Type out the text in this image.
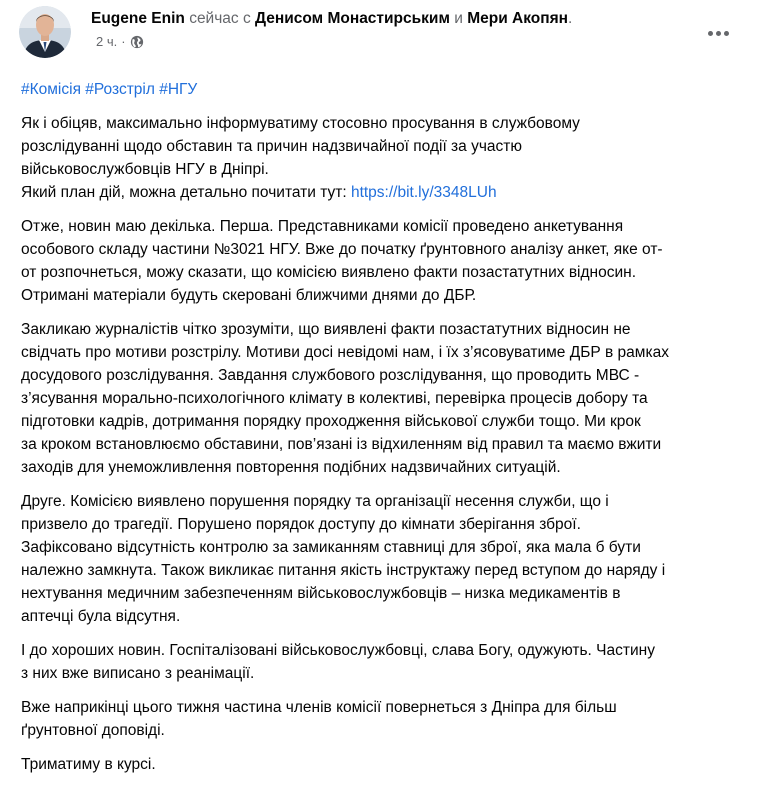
Eugene Enin сейчас с Денисом Монастирським и Мери Акопян.
2 ч. ·
#Комісія #Розстріл #НГУ
Як і обіцяв, максимально інформуватиму стосовно просування в службовому
розслідуванні щодо обставин та причин надзвичайної події за участю
військовослужбовців НГУ в Дніпрі.
Який план дій, можна детально почитати тут: https://bit.ly/3348LUh
Отже, новин маю декілька. Перша. Представниками комісії проведено анкетування
особового складу частини №3021 НГУ. Вже до початку ґрунтовного аналізу анкет, яке от-
от розпочнеться, можу сказати, що комісією виявлено факти позастатутних відносин.
Отримані матеріали будуть скеровані ближчими днями до ДБР.
Закликаю журналістів чітко зрозуміти, що виявлені факти позастатутних відносин не
свідчать про мотиви розстрілу. Мотиви досі невідомі нам, і їх з’ясовуватиме ДБР в рамках
досудового розслідування. Завдання службового розслідування, що проводить МВС -
з’ясування морально-психологічного клімату в колективі, перевірка процесів добору та
підготовки кадрів, дотримання порядку проходження військової служби тощо. Ми крок
за кроком встановлюємо обставини, пов’язані із відхиленням від правил та маємо вжити
заходів для унеможливлення повторення подібних надзвичайних ситуацій.
Друге. Комісією виявлено порушення порядку та організації несення служби, що і
призвело до трагедії. Порушено порядок доступу до кімнати зберігання зброї.
Зафіксовано відсутність контролю за замиканням ставниці для зброї, яка мала б бути
належно замкнута. Також викликає питання якість інструктажу перед вступом до наряду і
нехтування медичним забезпеченням військовослужбовців – низка медикаментів в
аптечці була відсутня.
І до хороших новин. Госпіталізовані військовослужбовці, слава Богу, одужують. Частину
з них вже виписано з реанімації.
Вже наприкінці цього тижня частина членів комісії повернеться з Дніпра для більш
ґрунтовної доповіді.
Триматиму в курсі.
